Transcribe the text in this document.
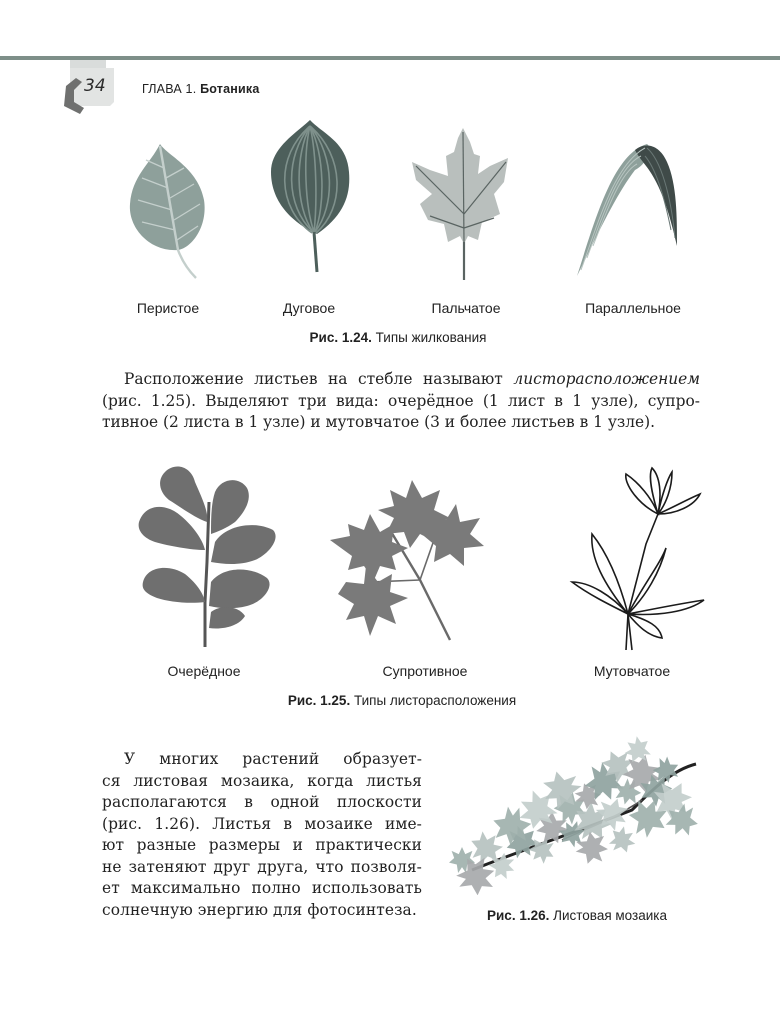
34	ГЛАВА 1. Ботаника
Перистое	Дуговое	Пальчатое	Параллельное
Рис. 1.24. Типы жилкования
Расположение листьев на стебле называют листорасположением
(рис. 1.25). Выделяют три вида: очерёдное (1 лист в 1 узле), супро-
тивное (2 листа в 1 узле) и мутовчатое (3 и более листьев в 1 узле).
Очерёдное	Супротивное	Мутовчатое
Рис. 1.25. Типы листорасположения
У многих растений образует-
ся листовая мозаика, когда листья
располагаются в одной плоскости
(рис. 1.26). Листья в мозаике име-
ют разные размеры и практически
не затеняют друг друга, что позволя-
ет максимально полно использовать
солнечную энергию для фотосинтеза.	Рис. 1.26. Листовая мозаика
